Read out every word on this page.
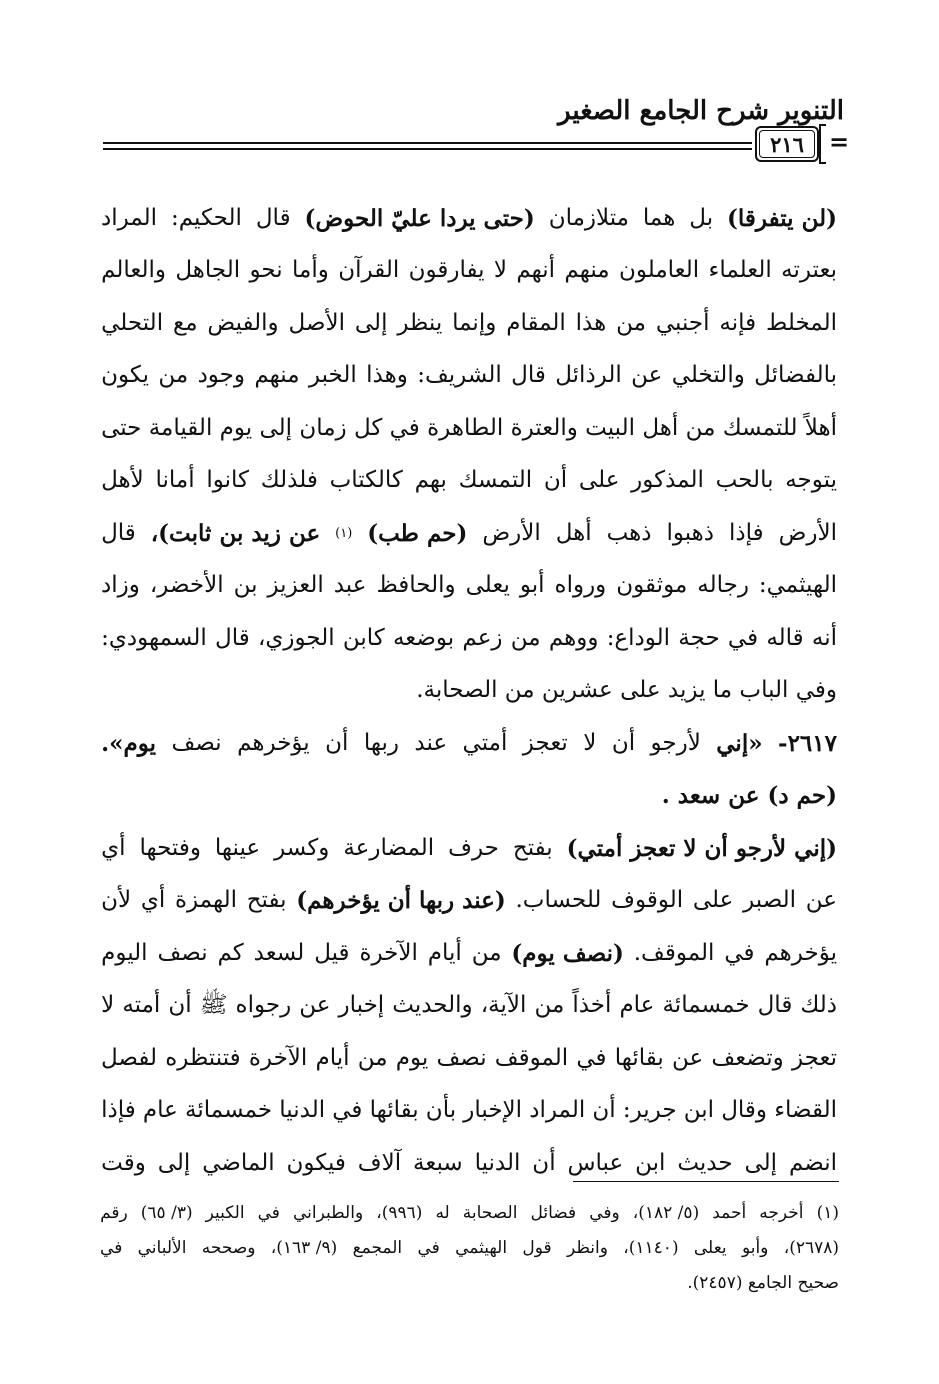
التنوير شرح الجامع الصغير
٢١٦ =
(لن يتفرقا)
بل
هما
متلازمان
(حتى يردا عليّ الحوض)
قال
الحكيم:
المراد
بعترته
العلماء
العاملون
منهم
أنهم
لا
يفارقون
القرآن
وأما
نحو
الجاهل
والعالم
المخلط
فإنه
أجنبي
من
هذا
المقام
وإنما
ينظر
إلى
الأصل
والفيض
مع
التحلي
بالفضائل
والتخلي
عن
الرذائل
قال
الشريف:
وهذا
الخبر
منهم
وجود
من
يكون
أهلاً
للتمسك
من
أهل
البيت
والعترة
الطاهرة
في
كل
زمان
إلى
يوم
القيامة
حتى
يتوجه
بالحب
المذكور
على
أن
التمسك
بهم
كالكتاب
فلذلك
كانوا
أمانا
لأهل
الأرض
فإذا
ذهبوا
ذهب
أهل
الأرض
(حم طب)
(١)
عن زيد بن ثابت)،
قال
الهيثمي:
رجاله
موثقون
ورواه
أبو
يعلى
والحافظ
عبد
العزيز
بن
الأخضر،
وزاد
أنه
قاله
في
حجة
الوداع:
ووهم
من
زعم
بوضعه
كابن
الجوزي،
قال
السمهودي:
وفي الباب ما يزيد على عشرين من الصحابة.
٢٦١٧-
«إني
لأرجو
أن
لا
تعجز
أمتي
عند
ربها
أن
يؤخرهم
نصف
يوم».
(حم د) عن سعد .
(إني لأرجو أن لا تعجز أمتي)
بفتح
حرف
المضارعة
وكسر
عينها
وفتحها
أي
عن
الصبر
على
الوقوف
للحساب.
(عند ربها أن يؤخرهم)
بفتح
الهمزة
أي
لأن
يؤخرهم
في
الموقف.
(نصف يوم)
من
أيام
الآخرة
قيل
لسعد
كم
نصف
اليوم
ذلك
قال
خمسمائة
عام
أخذاً
من
الآية،
والحديث
إخبار
عن
رجواه
ﷺ
أن
أمته
لا
تعجز
وتضعف
عن
بقائها
في
الموقف
نصف
يوم
من
أيام
الآخرة
فتنتظره
لفصل
القضاء
وقال
ابن
جرير:
أن
المراد
الإخبار
بأن
بقائها
في
الدنيا
خمسمائة
عام
فإذا
انضم
إلى
حديث
ابن
عباس
أن
الدنيا
سبعة
آلاف
فيكون
الماضي
إلى
وقت
(١)
أخرجه
أحمد
(٥/ ١٨٢)،
وفي
فضائل
الصحابة
له
(٩٩٦)،
والطبراني
في
الكبير
(٣/ ٦٥)
رقم
(٢٦٧٨)،
وأبو
يعلى
(١١٤٠)،
وانظر
قول
الهيثمي
في
المجمع
(٩/ ١٦٣)،
وصححه
الألباني
في
صحيح الجامع (٢٤٥٧).
